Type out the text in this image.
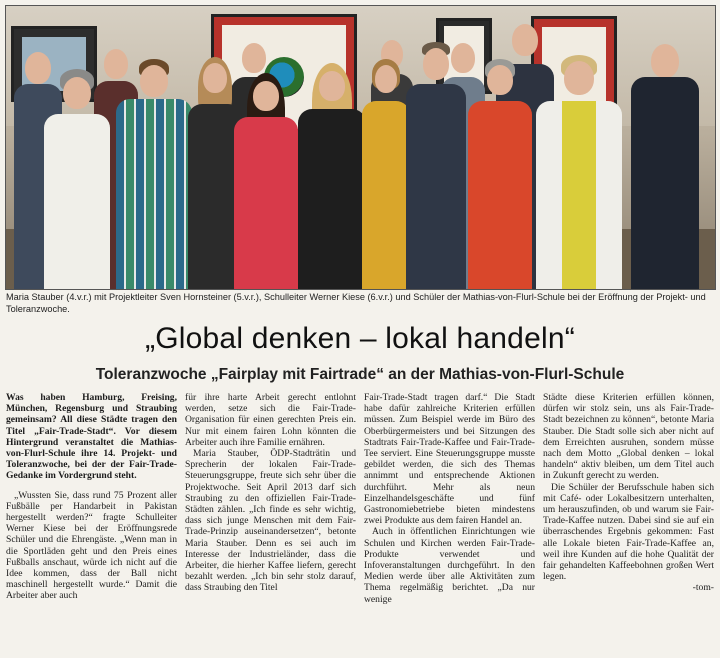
Maria Stauber (4.v.r.) mit Projektleiter Sven Hornsteiner (5.v.r.), Schulleiter Werner Kiese (6.v.r.) und Schüler der Mathias-von-Flurl-Schule bei der Eröffnung der Projekt- und Toleranzwoche.
„Global denken – lokal handeln“
Toleranzwoche „Fairplay mit Fairtrade“ an der Mathias-von-Flurl-Schule

Was haben Hamburg, Freising, München, Regensburg und Straubing gemeinsam? All diese Städte tragen den Titel „Fair-Trade-Stadt“. Vor diesem Hintergrund veranstaltet die Mathias-von-Flurl-Schule ihre 14. Projekt- und Toleranzwoche, bei der der Fair-Trade-Gedanke im Vordergrund steht.

„Wussten Sie, dass rund 75 Prozent aller Fußbälle per Handarbeit in Pakistan hergestellt werden?“ fragte Schulleiter Werner Kiese bei der Eröffnungsrede Schüler und die Ehrengäste. „Wenn man in die Sportläden geht und den Preis eines Fußballs anschaut, würde ich nicht auf die Idee kommen, dass der Ball nicht maschinell hergestellt wurde.“ Damit die Arbeiter aber auch

für ihre harte Arbeit gerecht entlohnt werden, setze sich die Fair-Trade-Organisation für einen gerechten Preis ein. Nur mit einem fairen Lohn könnten die Arbeiter auch ihre Familie ernähren.

Maria Stauber, ÖDP-Stadträtin und Sprecherin der lokalen Fair-Trade-Steuerungsgruppe, freute sich sehr über die Projektwoche. Seit April 2013 darf sich Straubing zu den offiziellen Fair-Trade-Städten zählen. „Ich finde es sehr wichtig, dass sich junge Menschen mit dem Fair-Trade-Prinzip auseinandersetzen“, betonte Maria Stauber. Denn es sei auch im Interesse der Industrieländer, dass die Arbeiter, die hierher Kaffee liefern, gerecht bezahlt werden. „Ich bin sehr stolz darauf, dass Straubing den Titel

Fair-Trade-Stadt tragen darf.“ Die Stadt habe dafür zahlreiche Kriterien erfüllen müssen. Zum Beispiel werde im Büro des Oberbürgermeisters und bei Sitzungen des Stadtrats Fair-Trade-Kaffee und Fair-Trade-Tee serviert. Eine Steuerungsgruppe musste gebildet werden, die sich des Themas annimmt und entsprechende Aktionen durchführt. Mehr als neun Einzelhandelsgeschäfte und fünf Gastronomiebetriebe bieten mindestens zwei Produkte aus dem fairen Handel an.

Auch in öffentlichen Einrichtungen wie Schulen und Kirchen werden Fair-Trade-Produkte verwendet und Infoveranstaltungen durchgeführt. In den Medien werde über alle Aktivitäten zum Thema regelmäßig berichtet. „Da nur wenige

Städte diese Kriterien erfüllen können, dürfen wir stolz sein, uns als Fair-Trade-Stadt bezeichnen zu können“, betonte Maria Stauber. Die Stadt solle sich aber nicht auf dem Erreichten ausruhen, sondern müsse nach dem Motto „Global denken – lokal handeln“ aktiv bleiben, um dem Titel auch in Zukunft gerecht zu werden.

Die Schüler der Berufsschule haben sich mit Café- oder Lokalbesitzern unterhalten, um herauszufinden, ob und warum sie Fair-Trade-Kaffee nutzen. Dabei sind sie auf ein überraschendes Ergebnis gekommen: Fast alle Lokale bieten Fair-Trade-Kaffee an, weil ihre Kunden auf die hohe Qualität der fair gehandelten Kaffeebohnen großen Wert legen.

-tom-
